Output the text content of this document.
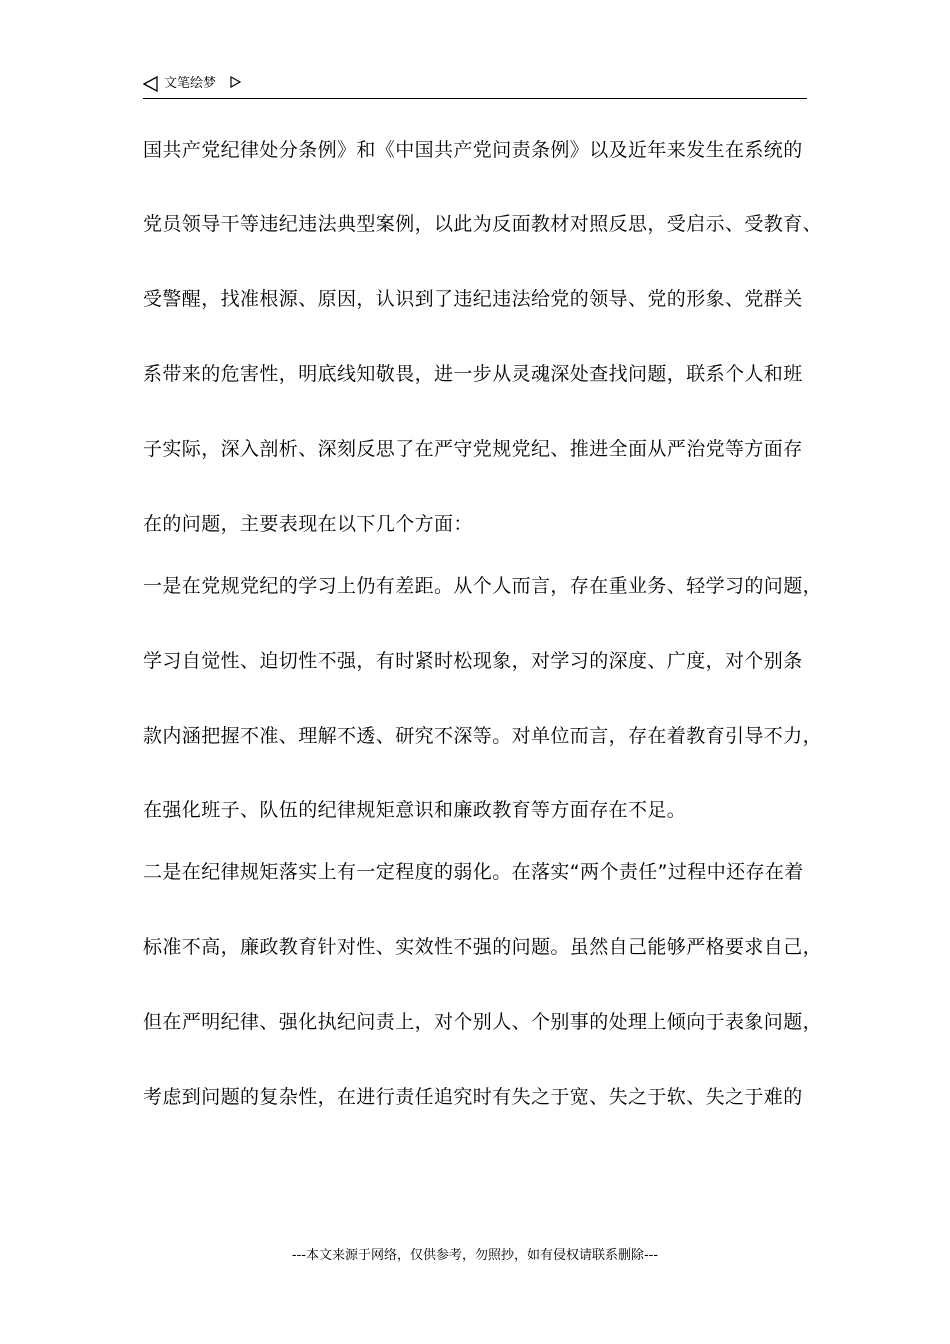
文笔绘梦
国共产党纪律处分条例》和《中国共产党问责条例》以及近年来发生在系统的
党员领导干等违纪违法典型案例，以此为反面教材对照反思，受启示、受教育、
受警醒，找准根源、原因，认识到了违纪违法给党的领导、党的形象、党群关
系带来的危害性，明底线知敬畏，进一步从灵魂深处查找问题，联系个人和班
子实际，深入剖析、深刻反思了在严守党规党纪、推进全面从严治党等方面存
在的问题，主要表现在以下几个方面：
一是在党规党纪的学习上仍有差距。从个人而言，存在重业务、轻学习的问题，
学习自觉性、迫切性不强，有时紧时松现象，对学习的深度、广度，对个别条
款内涵把握不准、理解不透、研究不深等。对单位而言，存在着教育引导不力，
在强化班子、队伍的纪律规矩意识和廉政教育等方面存在不足。
二是在纪律规矩落实上有一定程度的弱化。在落实“两个责任”过程中还存在着
标准不高，廉政教育针对性、实效性不强的问题。虽然自己能够严格要求自己，
但在严明纪律、强化执纪问责上，对个别人、个别事的处理上倾向于表象问题，
考虑到问题的复杂性，在进行责任追究时有失之于宽、失之于软、失之于难的
---本文来源于网络，仅供参考，勿照抄，如有侵权请联系删除---
